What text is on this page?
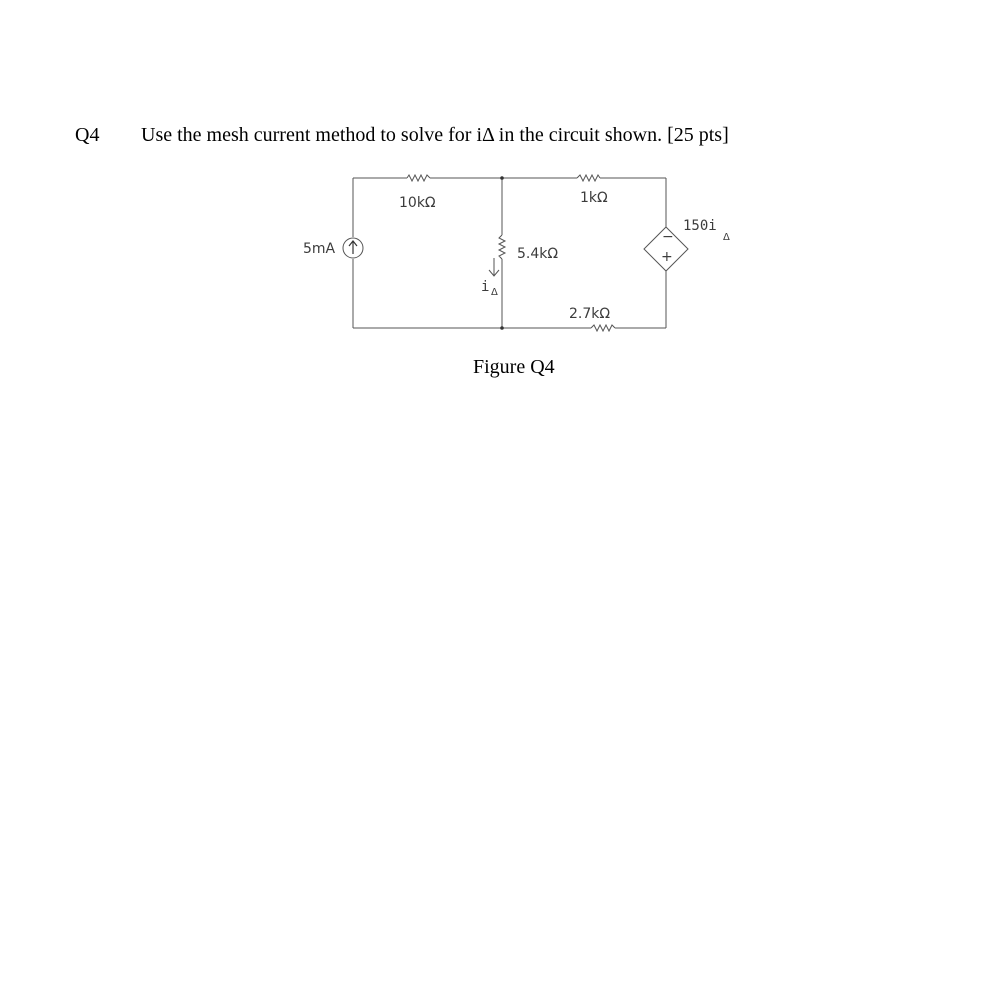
Q4 Use the mesh current method to solve for iΔ in the circuit shown. [25 pts]
5mA
10kΩ	1kΩ
5.4kΩ
2.7kΩ
150i
Δ
i Δ
−
+
Figure Q4
